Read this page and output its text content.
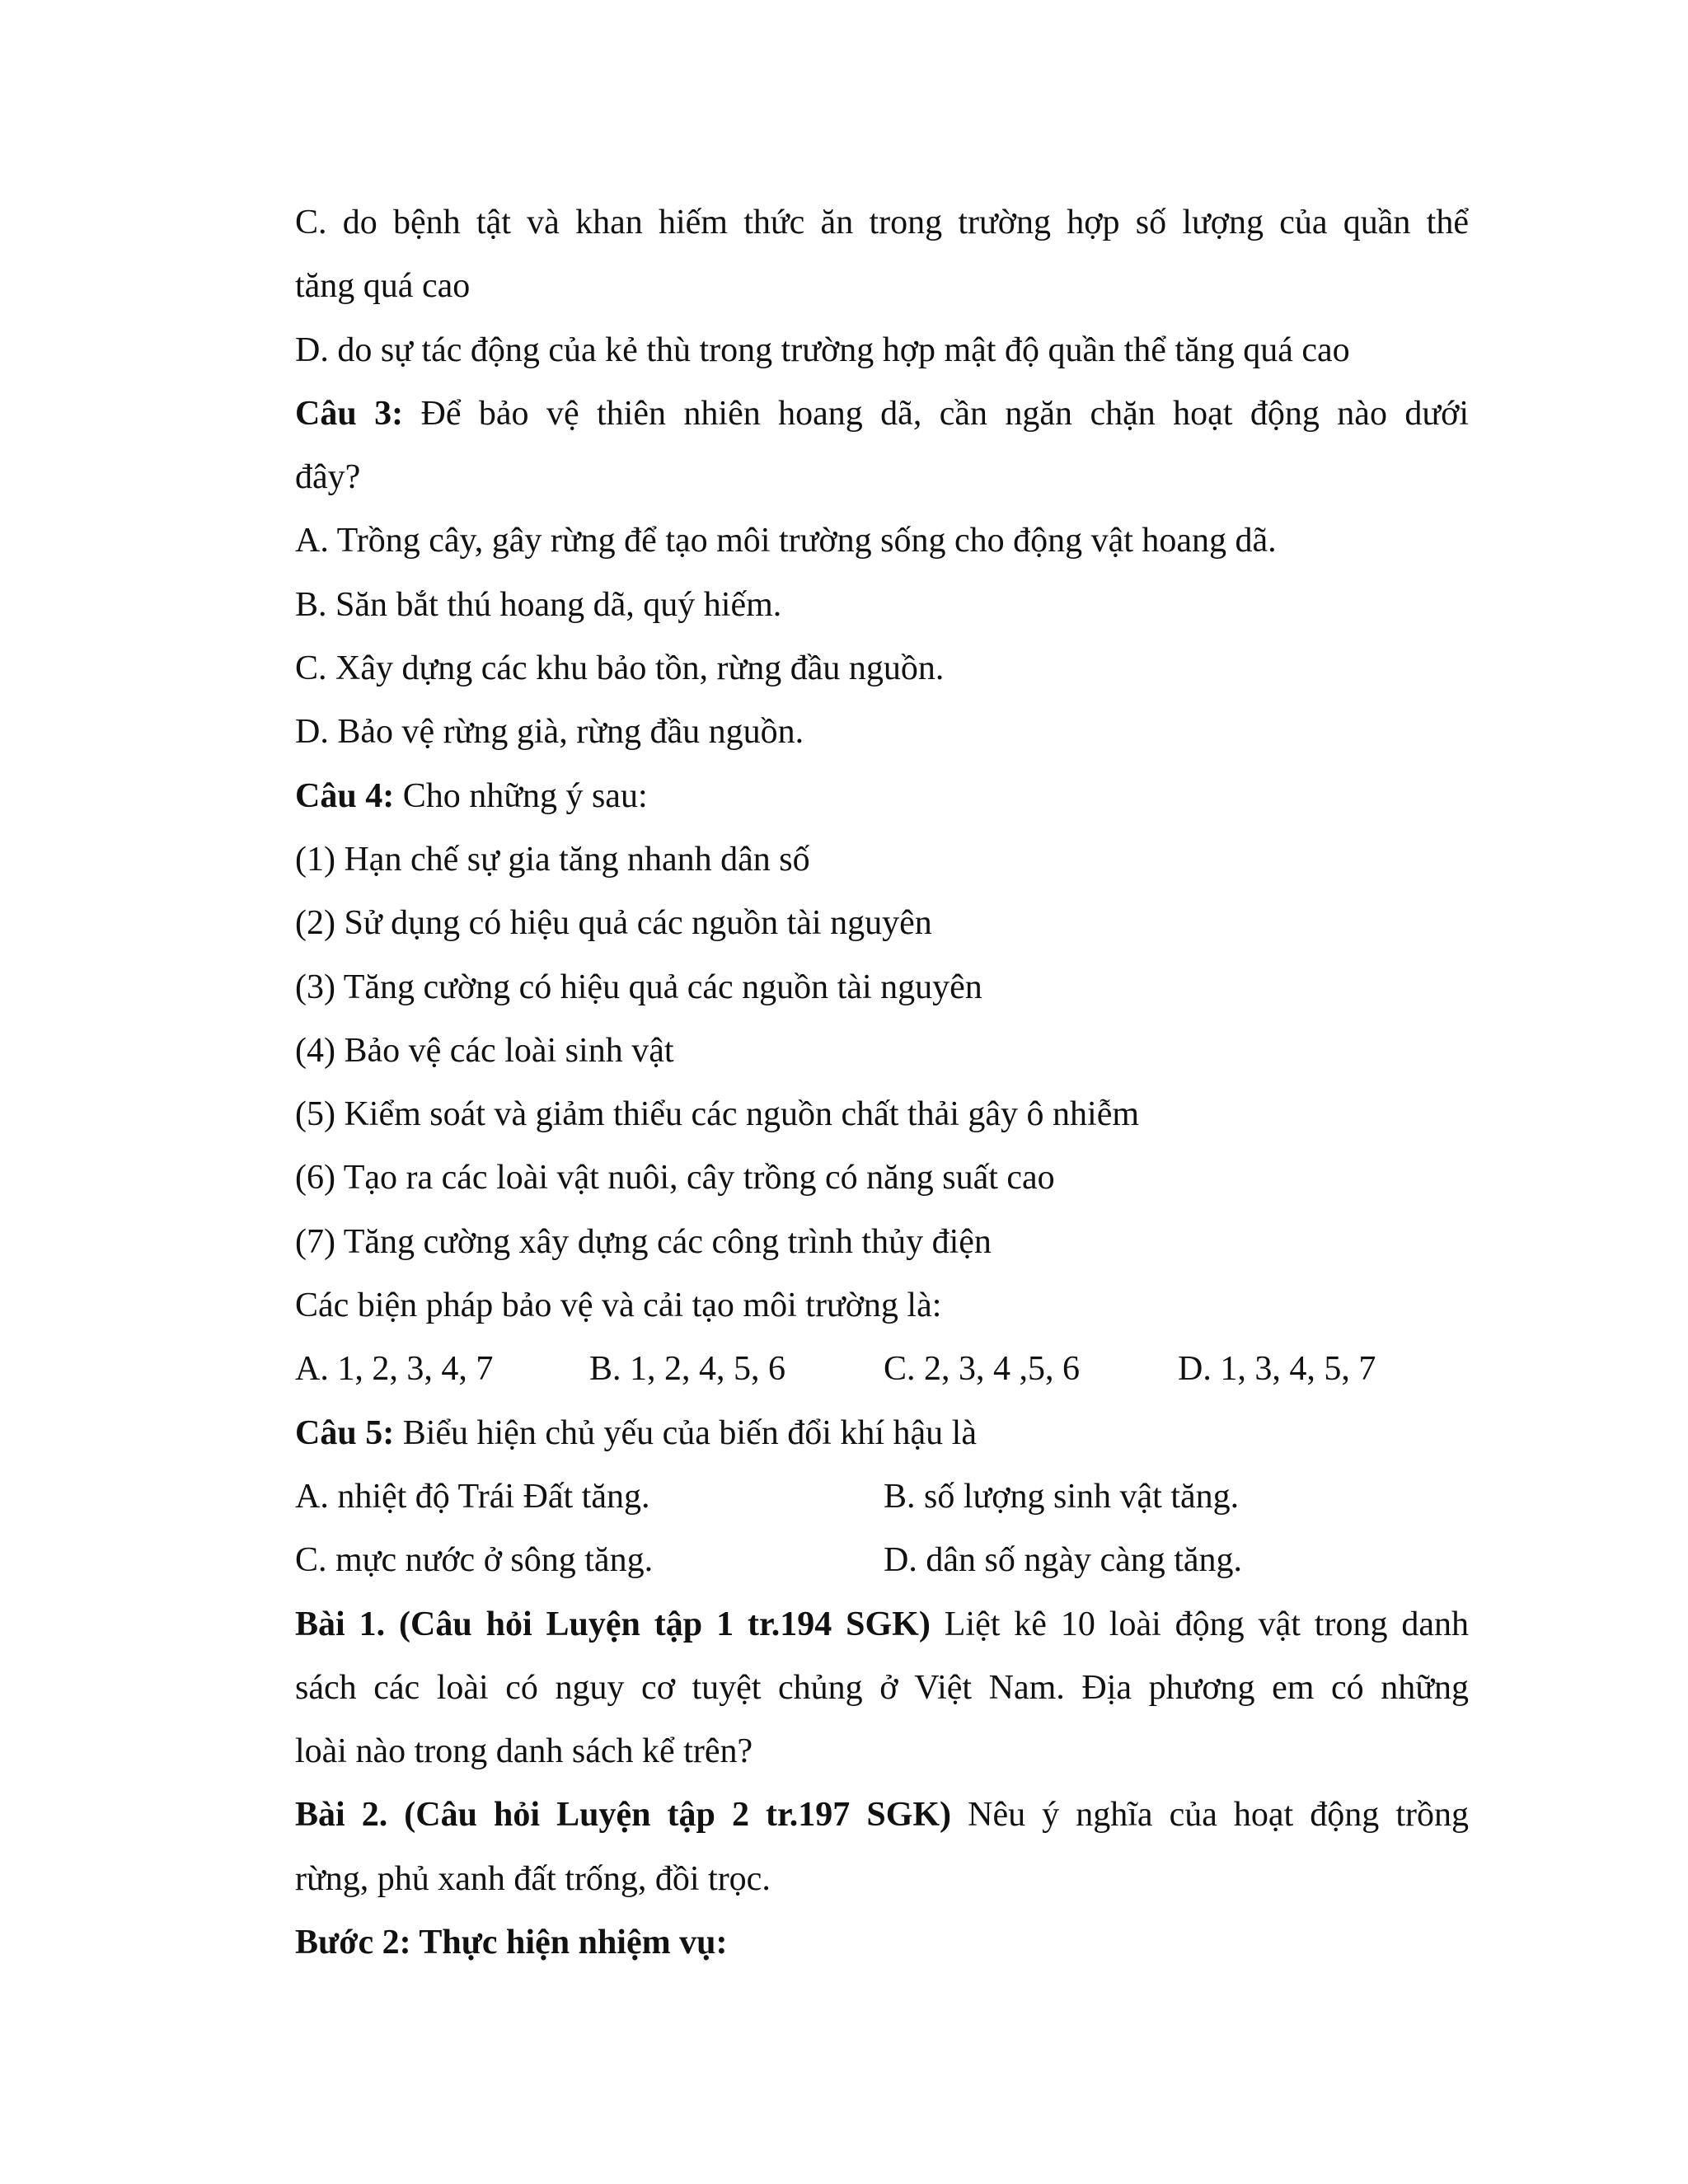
C. do bệnh tật và khan hiếm thức ăn trong trường hợp số lượng của quần thể
tăng quá cao
D. do sự tác động của kẻ thù trong trường hợp mật độ quần thể tăng quá cao
Câu 3: Để bảo vệ thiên nhiên hoang dã, cần ngăn chặn hoạt động nào dưới
đây?
A. Trồng cây, gây rừng để tạo môi trường sống cho động vật hoang dã.
B. Săn bắt thú hoang dã, quý hiếm.
C. Xây dựng các khu bảo tồn, rừng đầu nguồn.
D. Bảo vệ rừng già, rừng đầu nguồn.
Câu 4: Cho những ý sau:
(1) Hạn chế sự gia tăng nhanh dân số
(2) Sử dụng có hiệu quả các nguồn tài nguyên
(3) Tăng cường có hiệu quả các nguồn tài nguyên
(4) Bảo vệ các loài sinh vật
(5) Kiểm soát và giảm thiểu các nguồn chất thải gây ô nhiễm
(6) Tạo ra các loài vật nuôi, cây trồng có năng suất cao
(7) Tăng cường xây dựng các công trình thủy điện
Các biện pháp bảo vệ và cải tạo môi trường là:
A. 1, 2, 3, 4, 7	B. 1, 2, 4, 5, 6	C. 2, 3, 4 ,5, 6	D. 1, 3, 4, 5, 7
Câu 5: Biểu hiện chủ yếu của biến đổi khí hậu là
A. nhiệt độ Trái Đất tăng.	B. số lượng sinh vật tăng.
C. mực nước ở sông tăng.	D. dân số ngày càng tăng.
Bài 1. (Câu hỏi Luyện tập 1 tr.194 SGK) Liệt kê 10 loài động vật trong danh
sách các loài có nguy cơ tuyệt chủng ở Việt Nam. Địa phương em có những
loài nào trong danh sách kể trên?
Bài 2. (Câu hỏi Luyện tập 2 tr.197 SGK) Nêu ý nghĩa của hoạt động trồng
rừng, phủ xanh đất trống, đồi trọc.
Bước 2: Thực hiện nhiệm vụ:
